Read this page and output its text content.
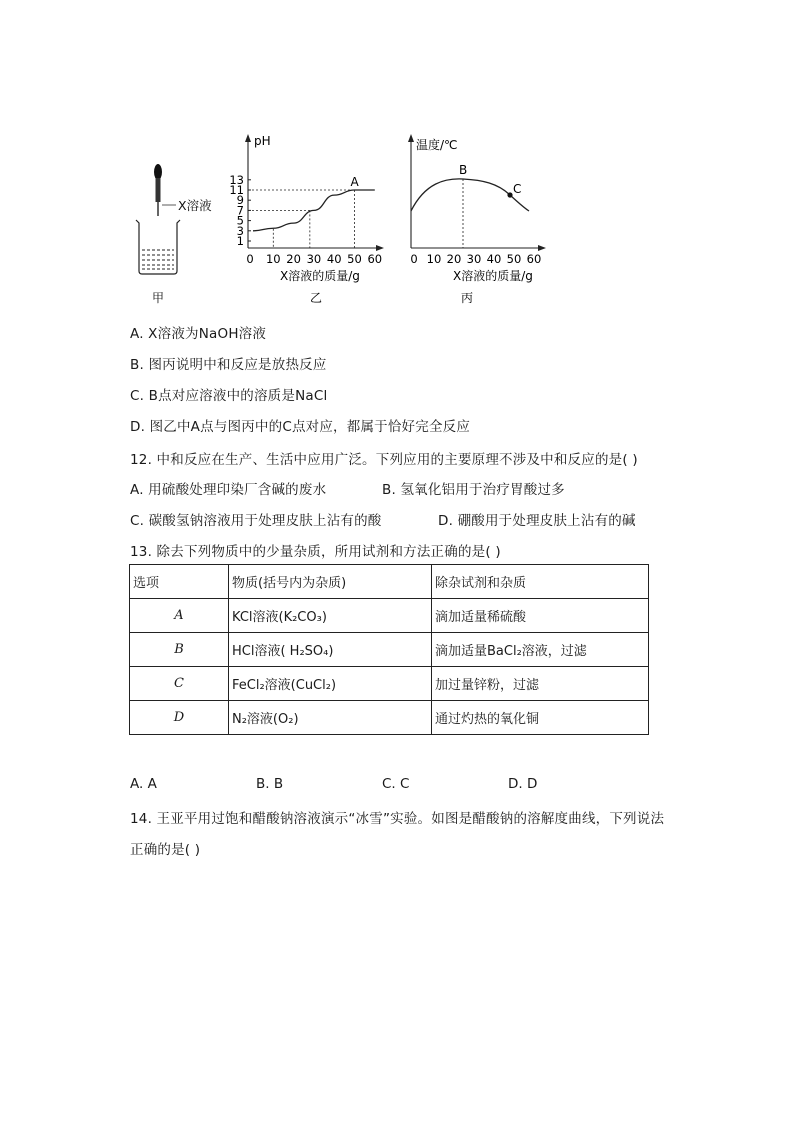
X溶液
甲
pH
13
11
9
7
5
3
1
0 10 20 30 40 50 60
A
X溶液的质量/g
乙
温度/℃
0 10 20 30 40 50 60
B
C
X溶液的质量/g
丙
A. X溶液为NaOH溶液
B. 图丙说明中和反应是放热反应
C. B点对应溶液中的溶质是NaCl
D. 图乙中A点与图丙中的C点对应，都属于恰好完全反应
12. 中和反应在生产、生活中应用广泛。下列应用的主要原理不涉及中和反应的是( )
A. 用硫酸处理印染厂含碱的废水	B. 氢氧化铝用于治疗胃酸过多
C. 碳酸氢钠溶液用于处理皮肤上沾有的酸	D. 硼酸用于处理皮肤上沾有的碱
13. 除去下列物质中的少量杂质，所用试剂和方法正确的是( )
选项	物质(括号内为杂质)	除杂试剂和杂质
A	KCl溶液(K₂CO₃)	滴加适量稀硫酸
B	HCl溶液( H₂SO₄)	滴加适量BaCl₂溶液，过滤
C	FeCl₂溶液(CuCl₂)	加过量锌粉，过滤
D	N₂溶液(O₂)	通过灼热的氧化铜
A. A	B. B	C. C	D. D
14. 王亚平用过饱和醋酸钠溶液演示“冰雪”实验。如图是醋酸钠的溶解度曲线，下列说法
正确的是( )
